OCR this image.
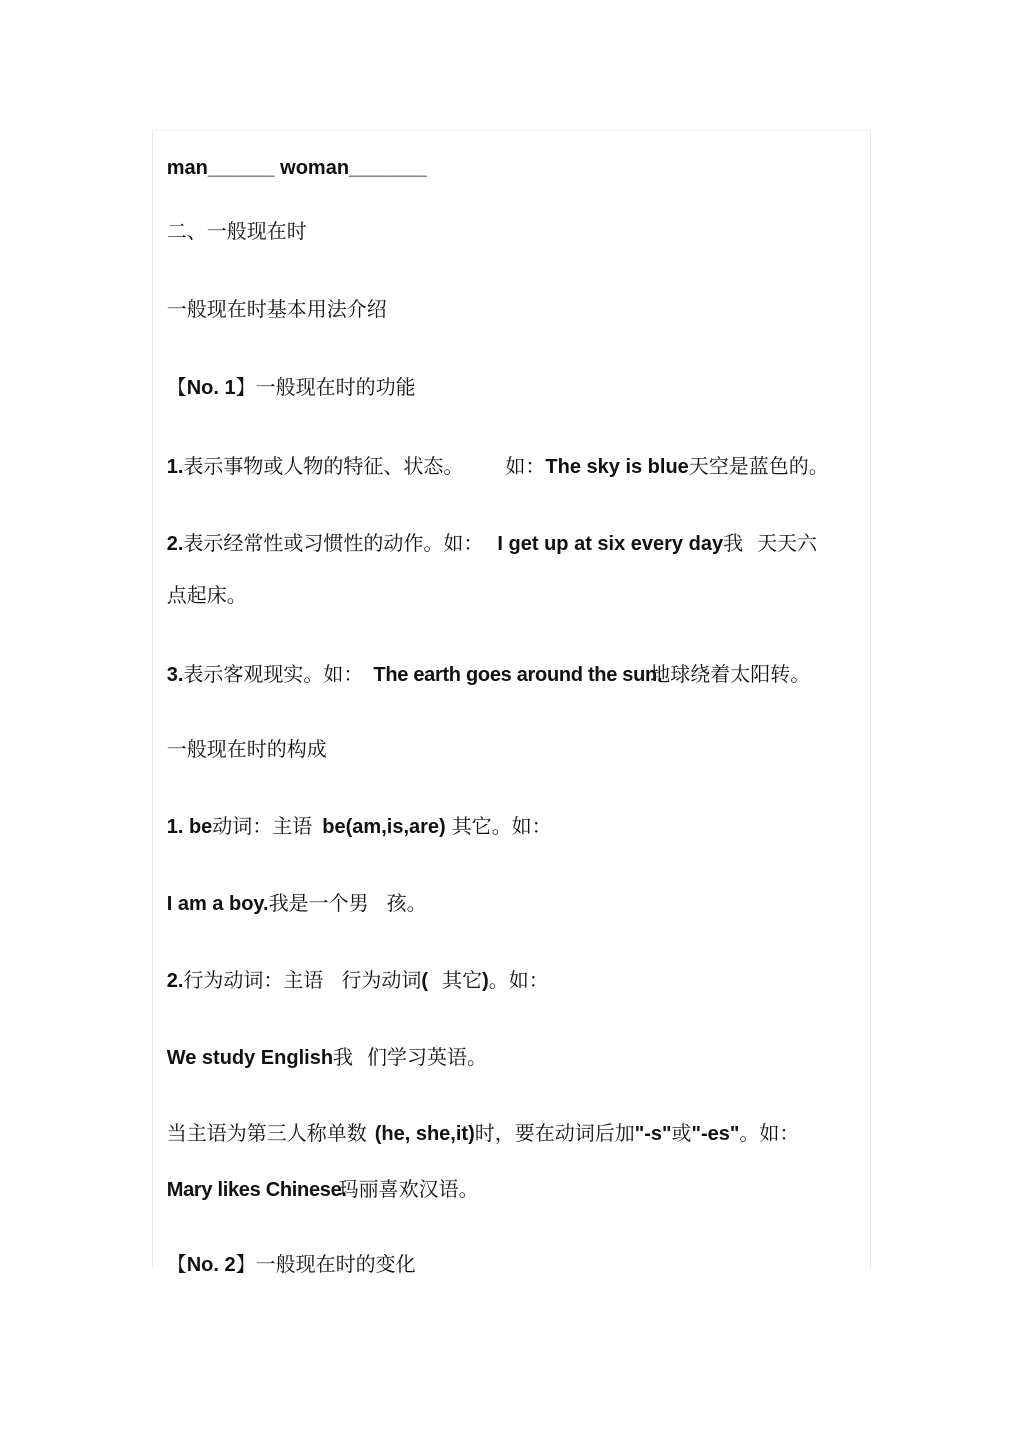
man______ woman_______

二、一般现在时

一般现在时基本用法介绍

【No. 1】一般现在时的功能

1.表示事物或人物的特征、状态。 如：The sky is blue天空是蓝色的。

2.表示经常性或习惯性的动作。如： I get up at six every day我 天天六

点起床。

3.表示客观现实。如： The earth goes around the sun.地球绕着太阳转。

一般现在时的构成

1. be动词：主语 be(am,is,are) 其它。如：

I am a boy.我是一个男 孩。

2.行为动词：主语 行为动词( 其它)。如：

We study English我 们学习英语。

当主语为第三人称单数 (he, she,it)时，要在动词后加"-s"或"-es"。如：

Mary likes Chinese.玛丽喜欢汉语。

【No. 2】一般现在时的变化
